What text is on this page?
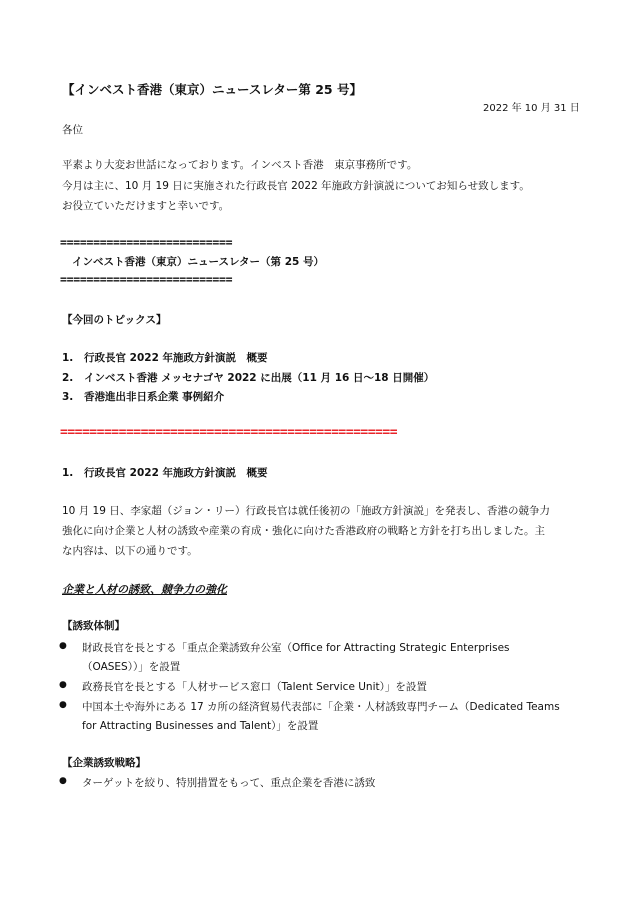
【インベスト香港（東京）ニュースレター第 25 号】
2022 年 10 月 31 日
各位
平素より大変お世話になっております。インベスト香港　東京事務所です。
今月は主に、10 月 19 日に実施された行政長官 2022 年施政方針演説についてお知らせ致します。
お役立ていただけますと幸いです。
==========================
インベスト香港（東京）ニュースレター（第 25 号）
==========================
【今回のトピックス】
1. 行政長官 2022 年施政方針演説　概要
2. インベスト香港 メッセナゴヤ 2022 に出展（11 月 16 日～18 日開催）
3. 香港進出非日系企業 事例紹介
==============================================
1. 行政長官 2022 年施政方針演説　概要
10 月 19 日、李家超（ジョン・リー）行政長官は就任後初の「施政方針演説」を発表し、香港の競争力
強化に向け企業と人材の誘致や産業の育成・強化に向けた香港政府の戦略と方針を打ち出しました。主
な内容は、以下の通りです。
企業と人材の誘致、競争力の強化
【誘致体制】
● 財政長官を長とする「重点企業誘致弁公室（Office for Attracting Strategic Enterprises
（OASES））」を設置
● 政務長官を長とする「人材サービス窓口（Talent Service Unit）」を設置
● 中国本土や海外にある 17 カ所の経済貿易代表部に「企業・人材誘致専門チーム（Dedicated Teams
for Attracting Businesses and Talent）」を設置
【企業誘致戦略】
● ターゲットを絞り、特別措置をもって、重点企業を香港に誘致
